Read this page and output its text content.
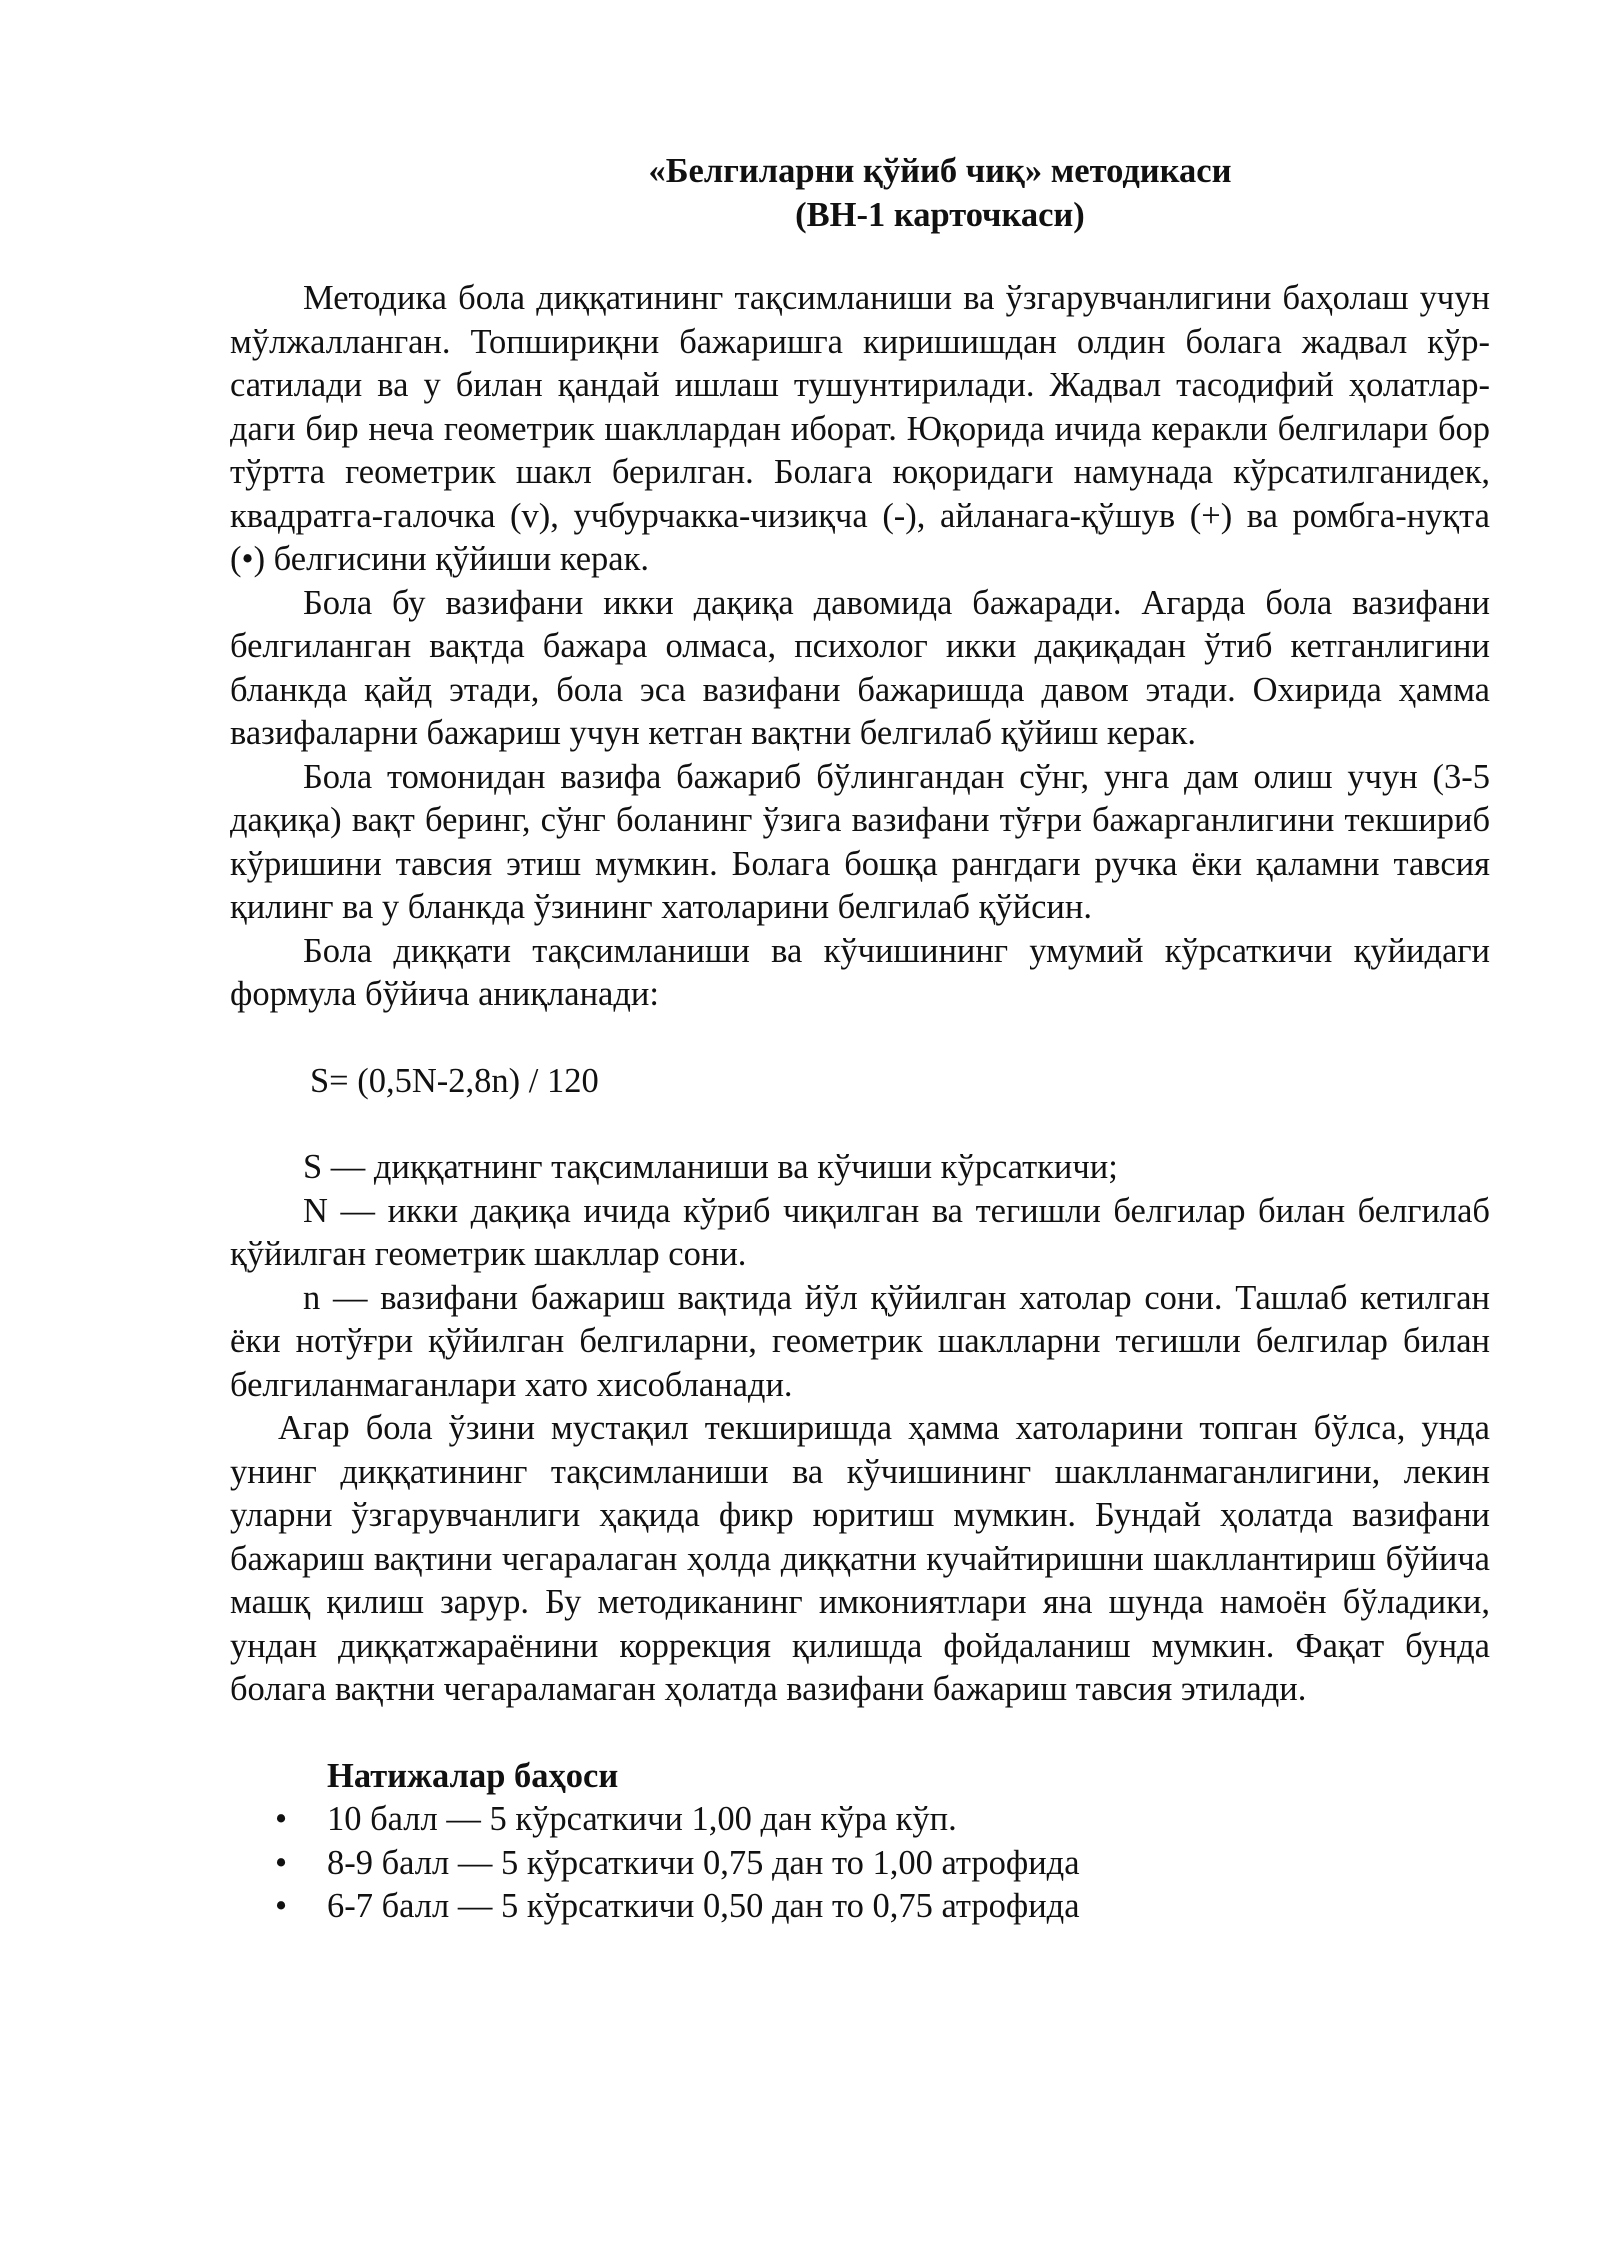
«Белгиларни қўйиб чиқ» методикаси
(ВН-1 карточкаси)

Методика бола диққатининг тақсимланиши ва ўзгарувчанлигини баҳолаш учун мўлжалланган. Топшириқни бажаришга киришишдан олдин болага жадвал кўр-сатилади ва у билан қандай ишлаш тушунтирилади. Жадвал тасодифий ҳолатлар-даги бир неча геометрик шакллардан иборат. Юқорида ичида керакли белгилари бор тўртта геометрик шакл берилган. Болага юқоридаги намунада кўрсатилганидек, квадратга-галочка (v), учбурчакка-чизиқча (-), айланага-қўшув (+) ва ромбга-нуқта (•) белгисини қўйиши керак.

Бола бу вазифани икки дақиқа давомида бажаради. Агарда бола вазифани белгиланган вақтда бажара олмаса, психолог икки дақиқадан ўтиб кетганлигини бланкда қайд этади, бола эса вазифани бажаришда давом этади. Охирида ҳамма вазифаларни бажариш учун кетган вақтни белгилаб қўйиш керак.

Бола томонидан вазифа бажариб бўлингандан сўнг, унга дам олиш учун (3-5 дақиқа) вақт беринг, сўнг боланинг ўзига вазифани тўғри бажарганлигини текшириб кўришини тавсия этиш мумкин. Болага бошқа рангдаги ручка ёки қаламни тавсия қилинг ва у бланкда ўзининг хатоларини белгилаб қўйсин.

Бола диққати тақсимланиши ва кўчишининг умумий кўрсаткичи қуйидаги формула бўйича аниқланади:

S= (0,5N-2,8n) / 120

S — диққатнинг тақсимланиши ва кўчиши кўрсаткичи;

N — икки дақиқа ичида кўриб чиқилган ва тегишли белгилар билан белгилаб қўйилган геометрик шакллар сони.

n — вазифани бажариш вақтида йўл қўйилган хатолар сони. Ташлаб кетилган ёки нотўғри қўйилган белгиларни, геометрик шаклларни тегишли белгилар билан белгиланмаганлари хато хисобланади.

Агар бола ўзини мустақил текширишда ҳамма хатоларини топган бўлса, унда унинг диққатининг тақсимланиши ва кўчишининг шаклланмаганлигини, лекин уларни ўзгарувчанлиги ҳақида фикр юритиш мумкин. Бундай ҳолатда вазифани бажариш вақтини чегаралаган ҳолда диққатни кучайтиришни шакллантириш бўйича машқ қилиш зарур. Бу методиканинг имкониятлари яна шунда намоён бўладики, ундан диққатжараёнини коррекция қилишда фойдаланиш мумкин. Фақат бунда болага вақтни чегараламаган ҳолатда вазифани бажариш тавсия этилади.

Натижалар баҳоси
• 10 балл — 5 кўрсаткичи 1,00 дан кўра кўп.
• 8-9 балл — 5 кўрсаткичи 0,75 дан то 1,00 атрофида
• 6-7 балл — 5 кўрсаткичи 0,50 дан то 0,75 атрофида
